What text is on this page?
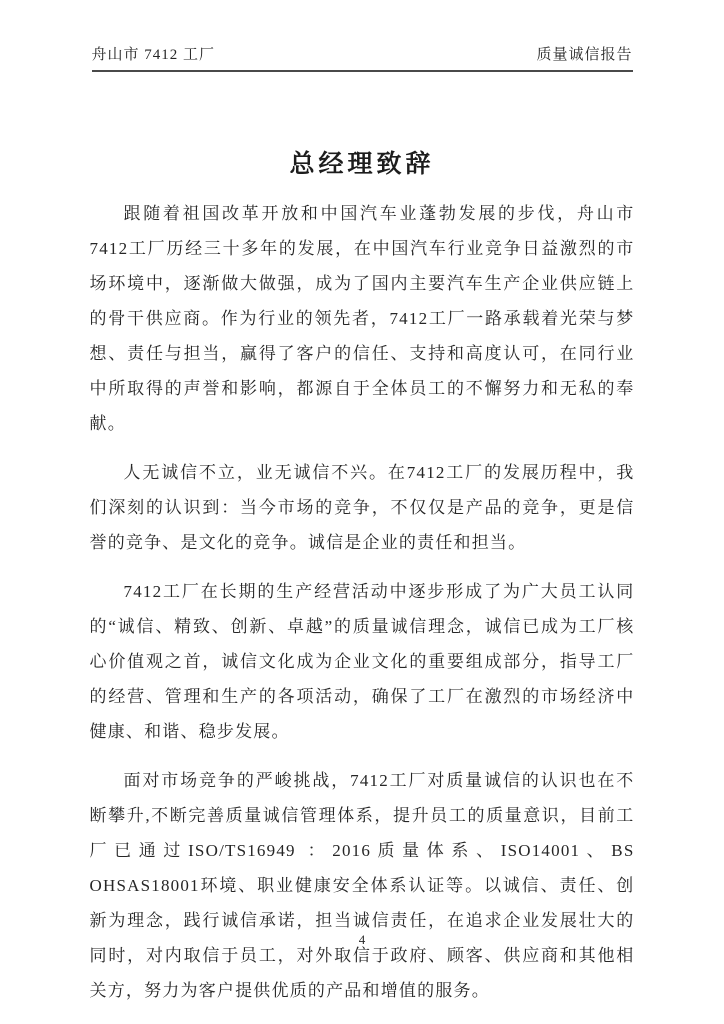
舟山市 7412 工厂	质量诚信报告
总经理致辞

跟随着祖国改革开放和中国汽车业蓬勃发展的步伐，舟山市7412工厂历经三十多年的发展，在中国汽车行业竞争日益激烈的市场环境中，逐渐做大做强，成为了国内主要汽车生产企业供应链上的骨干供应商。作为行业的领先者，7412工厂一路承载着光荣与梦想、责任与担当，赢得了客户的信任、支持和高度认可，在同行业中所取得的声誉和影响，都源自于全体员工的不懈努力和无私的奉献。

人无诚信不立，业无诚信不兴。在7412工厂的发展历程中，我们深刻的认识到：当今市场的竞争，不仅仅是产品的竞争，更是信誉的竞争、是文化的竞争。诚信是企业的责任和担当。

7412工厂在长期的生产经营活动中逐步形成了为广大员工认同的“诚信、精致、创新、卓越”的质量诚信理念，诚信已成为工厂核心价值观之首，诚信文化成为企业文化的重要组成部分，指导工厂的经营、管理和生产的各项活动，确保了工厂在激烈的市场经济中健康、和谐、稳步发展。

面对市场竞争的严峻挑战，7412工厂对质量诚信的认识也在不断攀升,不断完善质量诚信管理体系，提升员工的质量意识，目前工厂已通过ISO/TS16949 ：2016质量体系、ISO14001、BS OHSAS18001环境、职业健康安全体系认证等。以诚信、责任、创新为理念，践行诚信承诺，担当诚信责任，在追求企业发展壮大的同时，对内取信于员工，对外取信于政府、顾客、供应商和其他相关方，努力为客户提供优质的产品和增值的服务。

4
